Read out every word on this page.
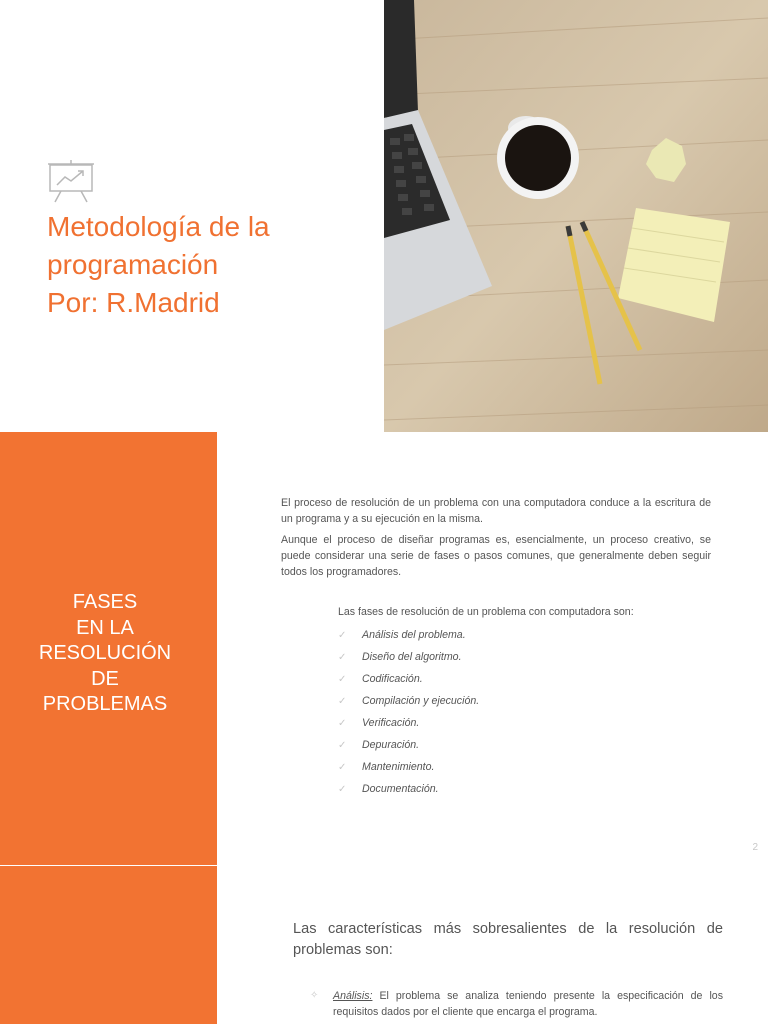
Metodología de la
programación
Por: R.Madrid
FASES
EN LA
RESOLUCIÓN
DE
PROBLEMAS

El proceso de resolución de un problema con una computadora conduce a la escritura de un programa y a su ejecución en la misma.

Aunque el proceso de diseñar programas es, esencialmente, un proceso creativo, se puede considerar una serie de fases o pasos comunes, que generalmente deben seguir todos los programadores.

Las fases de resolución de un problema con computadora son:
✓ Análisis del problema.
✓ Diseño del algoritmo.
✓ Codificación.
✓ Compilación y ejecución.
✓ Verificación.
✓ Depuración.
✓ Mantenimiento.
✓ Documentación.
2

Las características más sobresalientes de la resolución de problemas son:

✧ Análisis: El problema se analiza teniendo presente la especificación de los requisitos dados por el cliente que encarga el programa.
